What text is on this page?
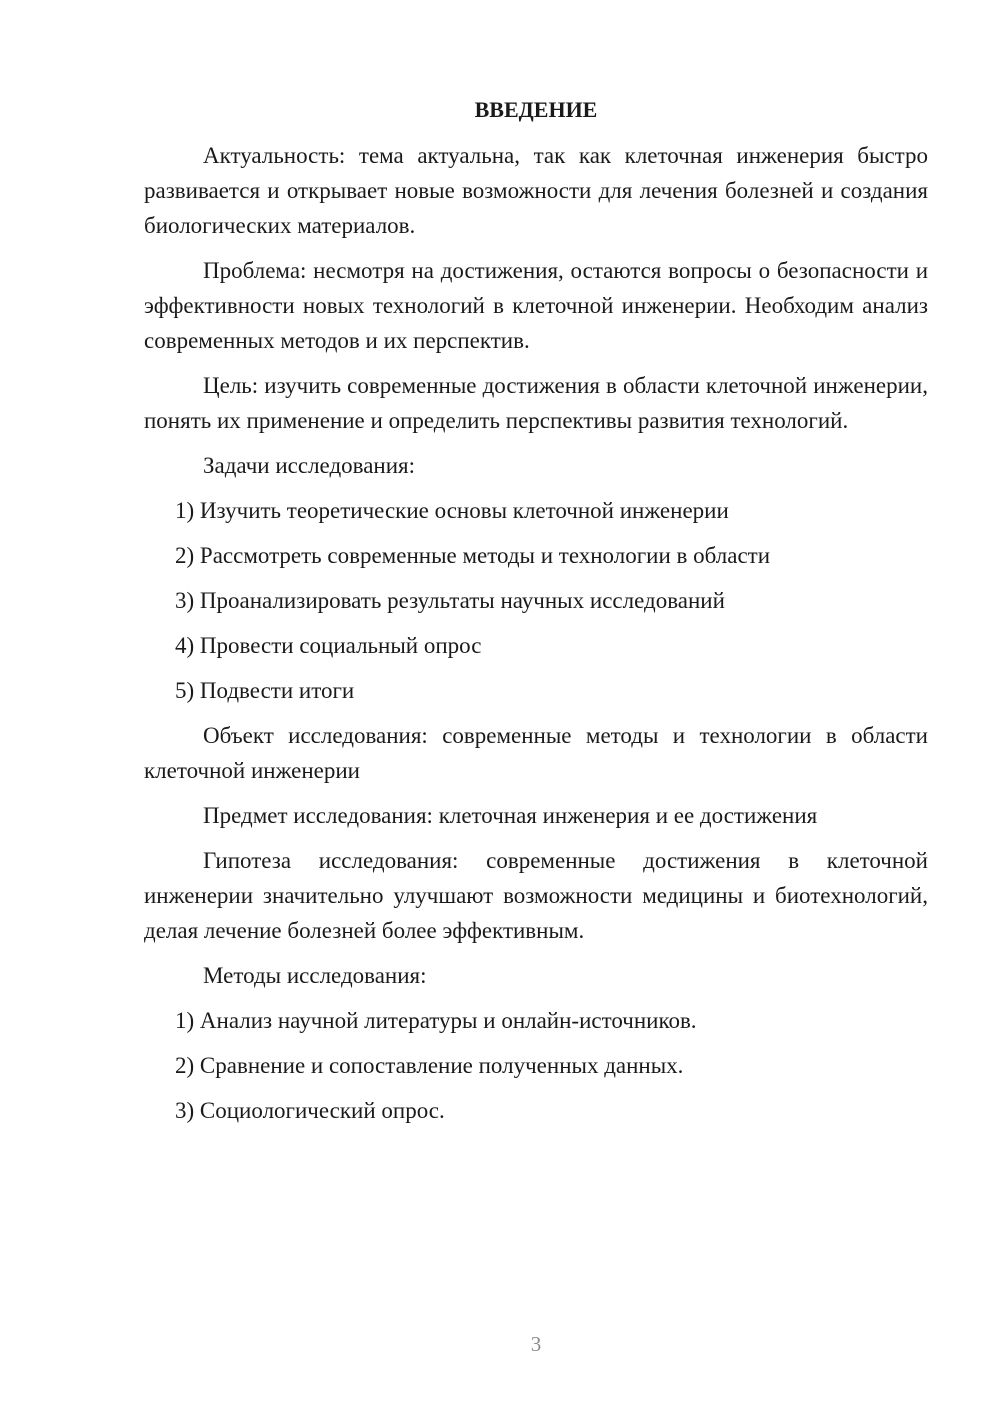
ВВЕДЕНИЕ
Актуальность: тема актуальна, так как клеточная инженерия быстро развивается и открывает новые возможности для лечения болезней и создания биологических материалов.
Проблема: несмотря на достижения, остаются вопросы о безопасности и эффективности новых технологий в клеточной инженерии. Необходим анализ современных методов и их перспектив.
Цель: изучить современные достижения в области клеточной инженерии, понять их применение и определить перспективы развития технологий.
Задачи исследования:
1) Изучить теоретические основы клеточной инженерии
2) Рассмотреть современные методы и технологии в области
3) Проанализировать результаты научных исследований
4) Провести социальный опрос
5) Подвести итоги
Объект исследования: современные методы и технологии в области клеточной инженерии
Предмет исследования: клеточная инженерия и ее достижения
Гипотеза исследования: современные достижения в клеточной инженерии значительно улучшают возможности медицины и биотехнологий, делая лечение болезней более эффективным.
Методы исследования:
1) Анализ научной литературы и онлайн-источников.
2) Сравнение и сопоставление полученных данных.
3) Социологический опрос.
3
